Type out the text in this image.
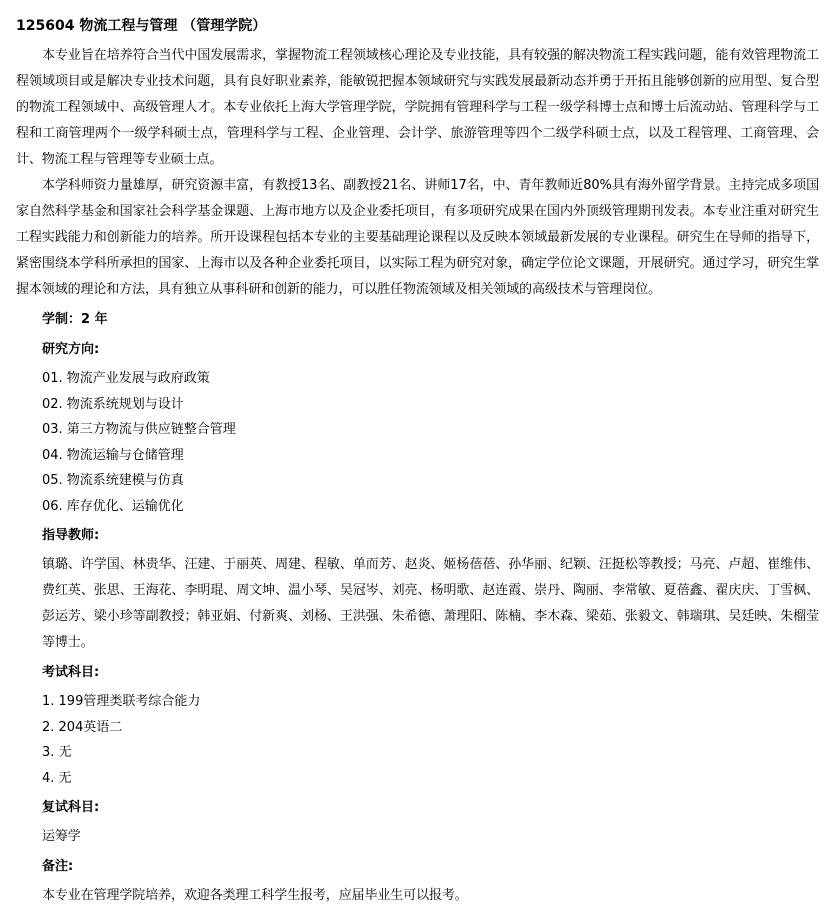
125604 物流工程与管理 （管理学院）

本专业旨在培养符合当代中国发展需求，掌握物流工程领域核心理论及专业技能，具有较强的解决物流工程实践问题，能有效管理物流工程领域项目或是解决专业技术问题，具有良好职业素养，能敏锐把握本领域研究与实践发展最新动态并勇于开拓且能够创新的应用型、复合型的物流工程领域中、高级管理人才。本专业依托上海大学管理学院，学院拥有管理科学与工程一级学科博士点和博士后流动站、管理科学与工程和工商管理两个一级学科硕士点，管理科学与工程、企业管理、会计学、旅游管理等四个二级学科硕士点，以及工程管理、工商管理、会计、物流工程与管理等专业硕士点。

本学科师资力量雄厚，研究资源丰富，有教授13名、副教授21名、讲师17名，中、青年教师近80%具有海外留学背景。主持完成多项国家自然科学基金和国家社会科学基金课题、上海市地方以及企业委托项目，有多项研究成果在国内外顶级管理期刊发表。本专业注重对研究生工程实践能力和创新能力的培养。所开设课程包括本专业的主要基础理论课程以及反映本领域最新发展的专业课程。研究生在导师的指导下，紧密围绕本学科所承担的国家、上海市以及各种企业委托项目，以实际工程为研究对象，确定学位论文课题，开展研究。通过学习，研究生掌握本领域的理论和方法，具有独立从事科研和创新的能力，可以胜任物流领域及相关领域的高级技术与管理岗位。

学制：2 年
研究方向:
01. 物流产业发展与政府政策
02. 物流系统规划与设计
03. 第三方物流与供应链整合管理
04. 物流运输与仓储管理
05. 物流系统建模与仿真
06. 库存优化、运输优化
指导教师:

镇璐、许学国、林贵华、汪建、于丽英、周建、程敏、单而芳、赵炎、姬杨蓓蓓、孙华丽、纪颖、汪挺松等教授；马亮、卢超、崔维伟、费红英、张思、王海花、李明琨、周文坤、温小琴、吴冠岑、刘亮、杨明歌、赵连霞、崇丹、陶丽、李常敏、夏蓓鑫、翟庆庆、丁雪枫、彭运芳、梁小珍等副教授；韩亚娟、付新爽、刘杨、王洪强、朱希德、萧理阳、陈楠、李木森、梁茹、张毅文、韩瑞琪、吴廷映、朱榴莹等博士。

考试科目:
1. 199管理类联考综合能力
2. 204英语二
3. 无
4. 无
复试科目:

运筹学

备注:

本专业在管理学院培养，欢迎各类理工科学生报考，应届毕业生可以报考。
